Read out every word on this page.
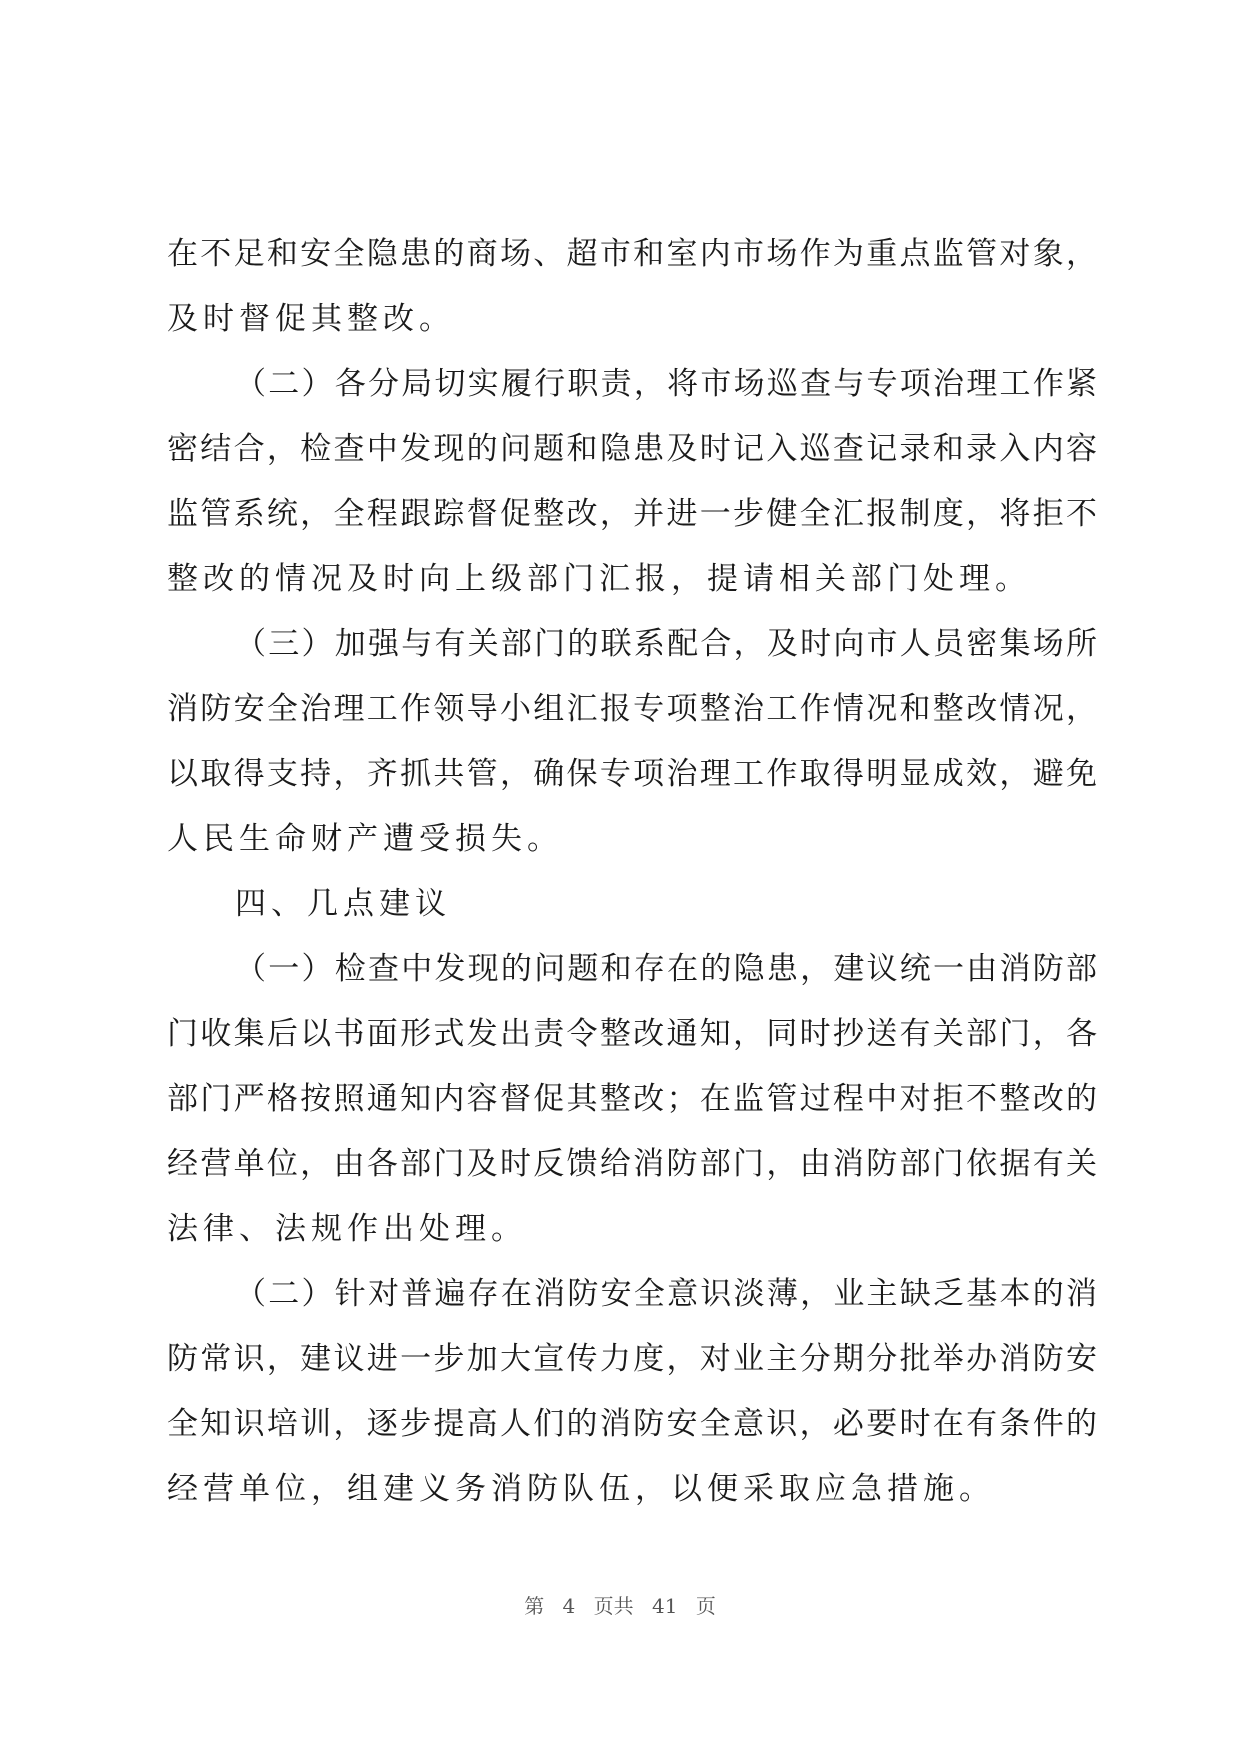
在不足和安全隐患的商场、超市和室内市场作为重点监管对象，
及时督促其整改。
（二）各分局切实履行职责，将市场巡查与专项治理工作紧
密结合，检查中发现的问题和隐患及时记入巡查记录和录入内容
监管系统，全程跟踪督促整改，并进一步健全汇报制度，将拒不
整改的情况及时向上级部门汇报，提请相关部门处理。
（三）加强与有关部门的联系配合，及时向市人员密集场所
消防安全治理工作领导小组汇报专项整治工作情况和整改情况，
以取得支持，齐抓共管，确保专项治理工作取得明显成效，避免
人民生命财产遭受损失。
四、几点建议
（一）检查中发现的问题和存在的隐患，建议统一由消防部
门收集后以书面形式发出责令整改通知，同时抄送有关部门，各
部门严格按照通知内容督促其整改；在监管过程中对拒不整改的
经营单位，由各部门及时反馈给消防部门，由消防部门依据有关
法律、法规作出处理。
（二）针对普遍存在消防安全意识淡薄，业主缺乏基本的消
防常识，建议进一步加大宣传力度，对业主分期分批举办消防安
全知识培训，逐步提高人们的消防安全意识，必要时在有条件的
经营单位，组建义务消防队伍，以便采取应急措施。
第 4 页共 41 页
